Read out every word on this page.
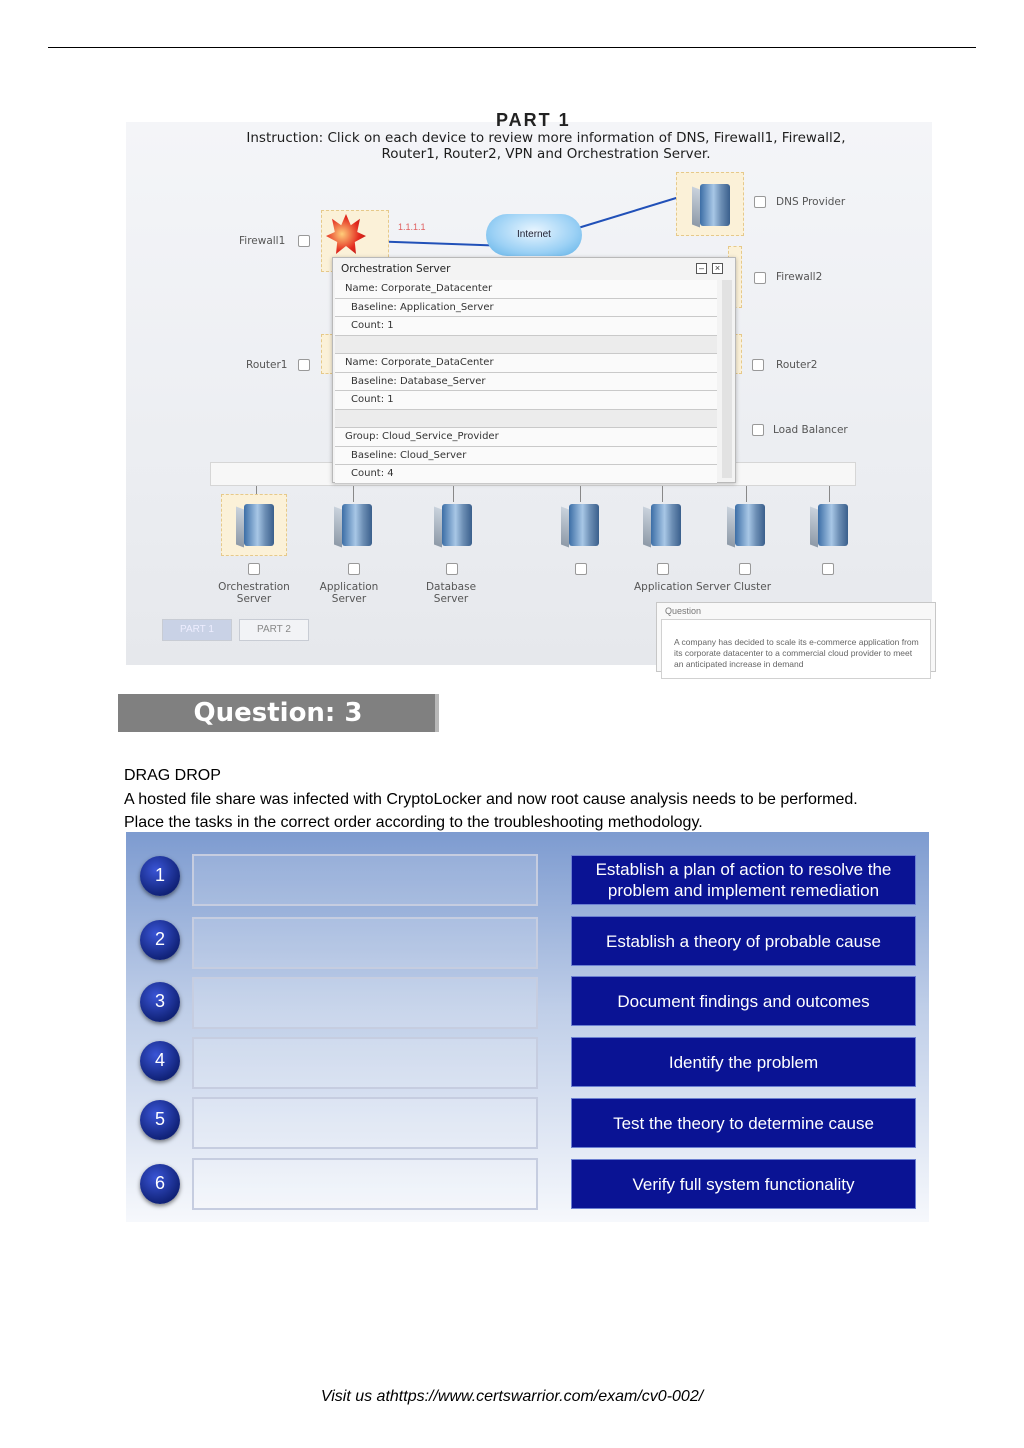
PART 1
Instruction: Click on each device to review more information of DNS, Firewall1, Firewall2, Router1, Router2, VPN and Orchestration Server.
1.1.1.1
Internet
Firewall1
DNS Provider
Firewall2
Router1	Router2
Load Balancer
Orchestration Server	–	×
Name: Corporate_Datacenter
Baseline: Application_Server
Count: 1
Name: Corporate_DataCenter
Baseline: Database_Server
Count: 1
Group: Cloud_Service_Provider
Baseline: Cloud_Server
Count: 4
Orchestration
Server
Application
Server
Database
Server
Application Server Cluster
PART 1	PART 2
Question
A company has decided to scale its e-commerce application from its corporate datacenter to a commercial cloud provider to meet an anticipated increase in demand
Question: 3
DRAG DROP
A hosted file share was infected with CryptoLocker and now root cause analysis needs to be performed.
Place the tasks in the correct order according to the troubleshooting methodology.
1
2
3
4
5
6
Establish a plan of action to resolve the problem and implement remediation
Establish a theory of probable cause
Document findings and outcomes
Identify the problem
Test the theory to determine cause
Verify full system functionality
Visit us athttps://www.certswarrior.com/exam/cv0-002/
